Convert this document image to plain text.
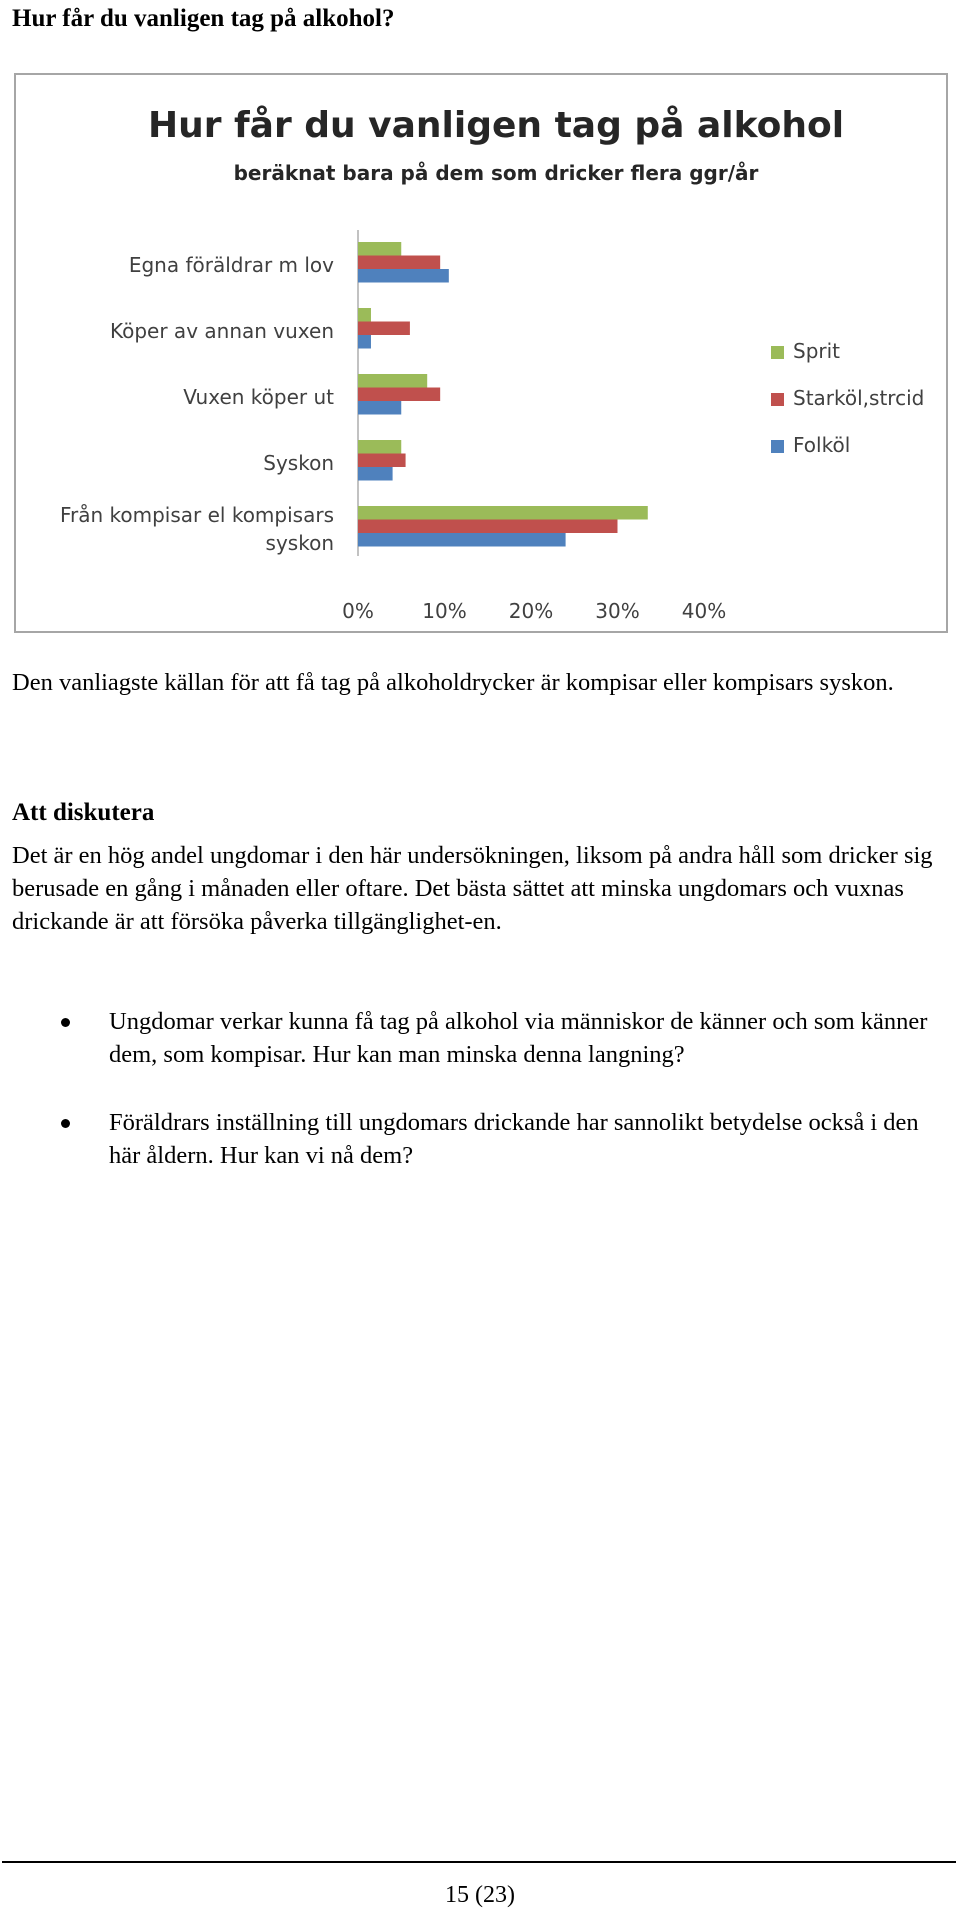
Hur får du vanligen tag på alkohol?
Hur får du vanligen tag på alkohol
beräknat bara på dem som dricker flera ggr/år
Egna föräldrar m lov
Köper av annan vuxen
Vuxen köper ut
Syskon
Från kompisar el kompisars
syskon
0% 10% 20% 30% 40%
Sprit
Starköl,strcid
Folköl

Den vanliagste källan för att få tag på alkoholdrycker är kompisar eller kompisars syskon.

Att diskutera

Det är en hög andel ungdomar i den här undersökningen, liksom på andra håll som dricker sig berusade en gång i månaden eller oftare. Det bästa sättet att minska ungdomars och vuxnas drickande är att försöka påverka tillgänglighet-en.

Ungdomar verkar kunna få tag på alkohol via människor de känner och som känner dem, som kompisar. Hur kan man minska denna langning?
Föräldrars inställning till ungdomars drickande har sannolikt betydelse också i den här åldern. Hur kan vi nå dem?
15 (23)
